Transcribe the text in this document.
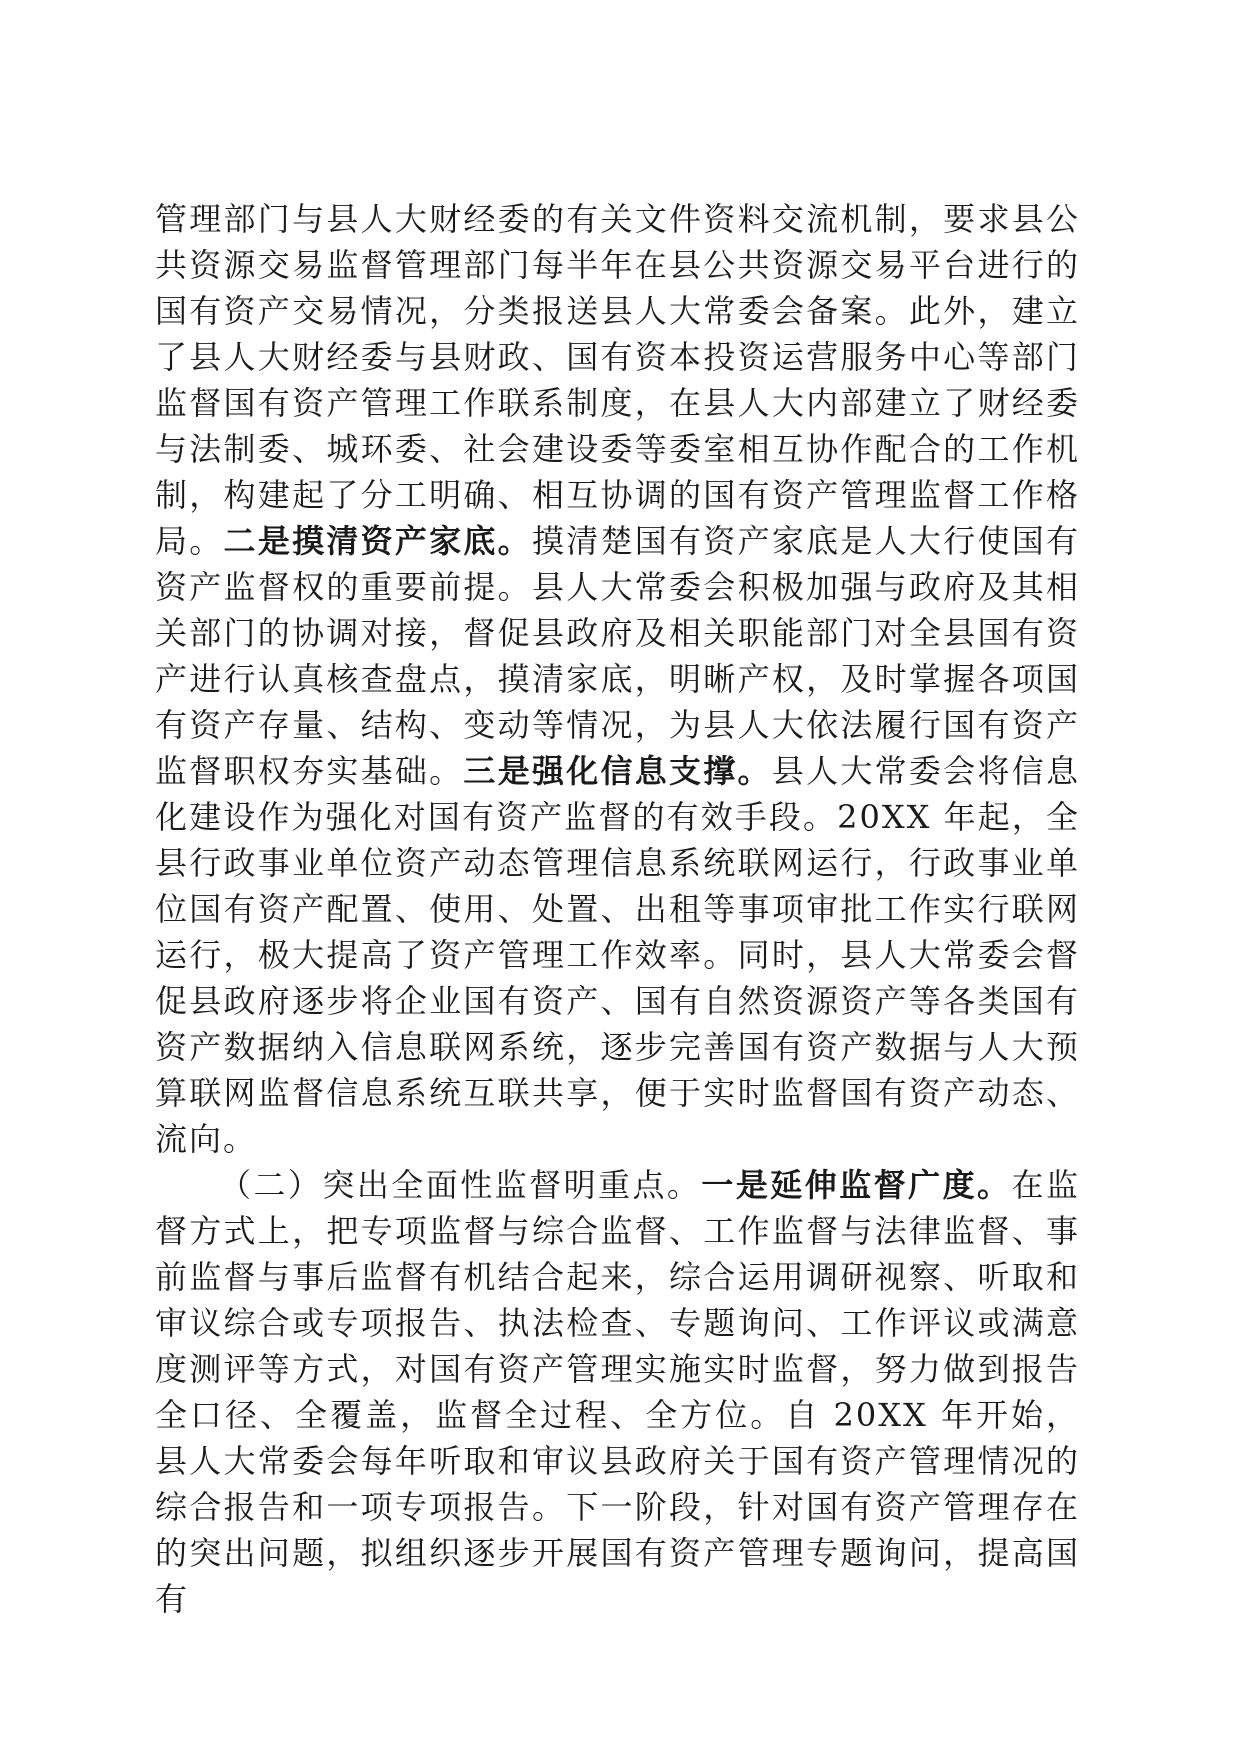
管理部门与县人大财经委的有关文件资料交流机制，要求县公共资源交易监督管理部门每半年在县公共资源交易平台进行的国有资产交易情况，分类报送县人大常委会备案。此外，建立了县人大财经委与县财政、国有资本投资运营服务中心等部门监督国有资产管理工作联系制度，在县人大内部建立了财经委与法制委、城环委、社会建设委等委室相互协作配合的工作机制，构建起了分工明确、相互协调的国有资产管理监督工作格局。二是摸清资产家底。摸清楚国有资产家底是人大行使国有资产监督权的重要前提。县人大常委会积极加强与政府及其相关部门的协调对接，督促县政府及相关职能部门对全县国有资产进行认真核查盘点，摸清家底，明晰产权，及时掌握各项国有资产存量、结构、变动等情况，为县人大依法履行国有资产监督职权夯实基础。三是强化信息支撑。县人大常委会将信息化建设作为强化对国有资产监督的有效手段。20XX 年起，全县行政事业单位资产动态管理信息系统联网运行，行政事业单位国有资产配置、使用、处置、出租等事项审批工作实行联网运行，极大提高了资产管理工作效率。同时，县人大常委会督促县政府逐步将企业国有资产、国有自然资源资产等各类国有资产数据纳入信息联网系统，逐步完善国有资产数据与人大预算联网监督信息系统互联共享，便于实时监督国有资产动态、流向。

（二）突出全面性监督明重点。一是延伸监督广度。在监督方式上，把专项监督与综合监督、工作监督与法律监督、事前监督与事后监督有机结合起来，综合运用调研视察、听取和审议综合或专项报告、执法检查、专题询问、工作评议或满意度测评等方式，对国有资产管理实施实时监督，努力做到报告全口径、全覆盖，监督全过程、全方位。自 20XX 年开始，县人大常委会每年听取和审议县政府关于国有资产管理情况的综合报告和一项专项报告。下一阶段，针对国有资产管理存在的突出问题，拟组织逐步开展国有资产管理专题询问，提高国有
